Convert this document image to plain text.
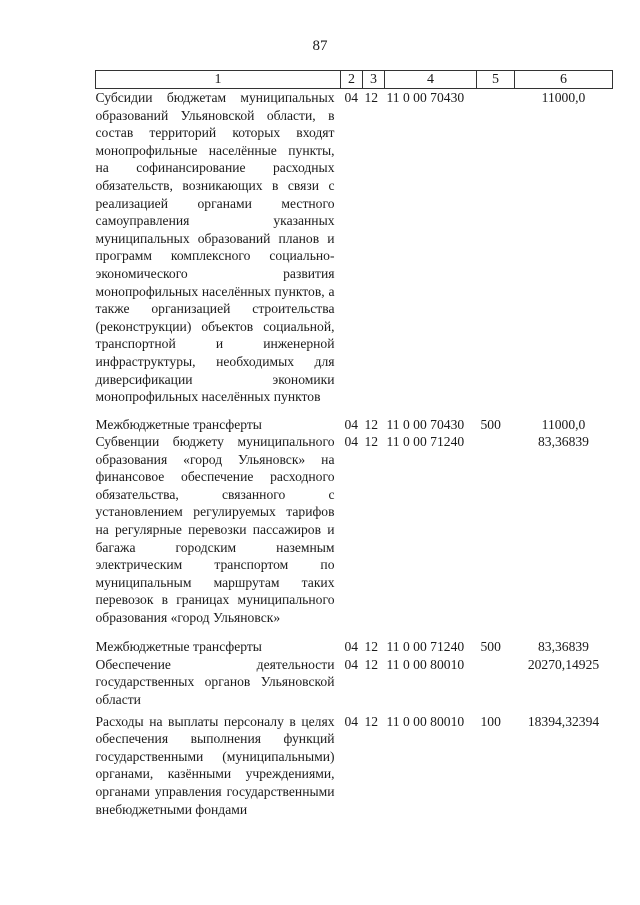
87
1	2	3	4	5	6
Субсидии бюджетам муниципальных образований Ульяновской области, в состав территорий которых входят монопрофильные населённые пункты, на софинансирование расходных обязательств, возникающих в связи с реализацией органами местного самоуправления указанных муниципальных образований планов и программ комплексного социально-экономического развития монопрофильных населённых пунктов, а также организацией строительства (реконструкции) объектов социальной, транспортной и инженерной инфраструктуры, необходимых для диверсификации экономики монопрофильных населённых пунктов	04	12	11 0 00 70430		11000,0
Межбюджетные трансферты	04	12	11 0 00 70430	500	11000,0
Субвенции бюджету муниципального образования «город Ульяновск» на финансовое обеспечение расходного обязательства, связанного с установлением регулируемых тарифов на регулярные перевозки пассажиров и багажа городским наземным электрическим транспортом по муниципальным маршрутам таких перевозок в границах муниципального образования «город Ульяновск»	04	12	11 0 00 71240		83,36839
Межбюджетные трансферты	04	12	11 0 00 71240	500	83,36839
Обеспечение деятельности государственных органов Ульяновской области	04	12	11 0 00 80010		20270,14925
Расходы на выплаты персоналу в целях обеспечения выполнения функций государственными (муниципальными) органами, казёнными учреждениями, органами управления государственными внебюджетными фондами	04	12	11 0 00 80010	100	18394,32394
